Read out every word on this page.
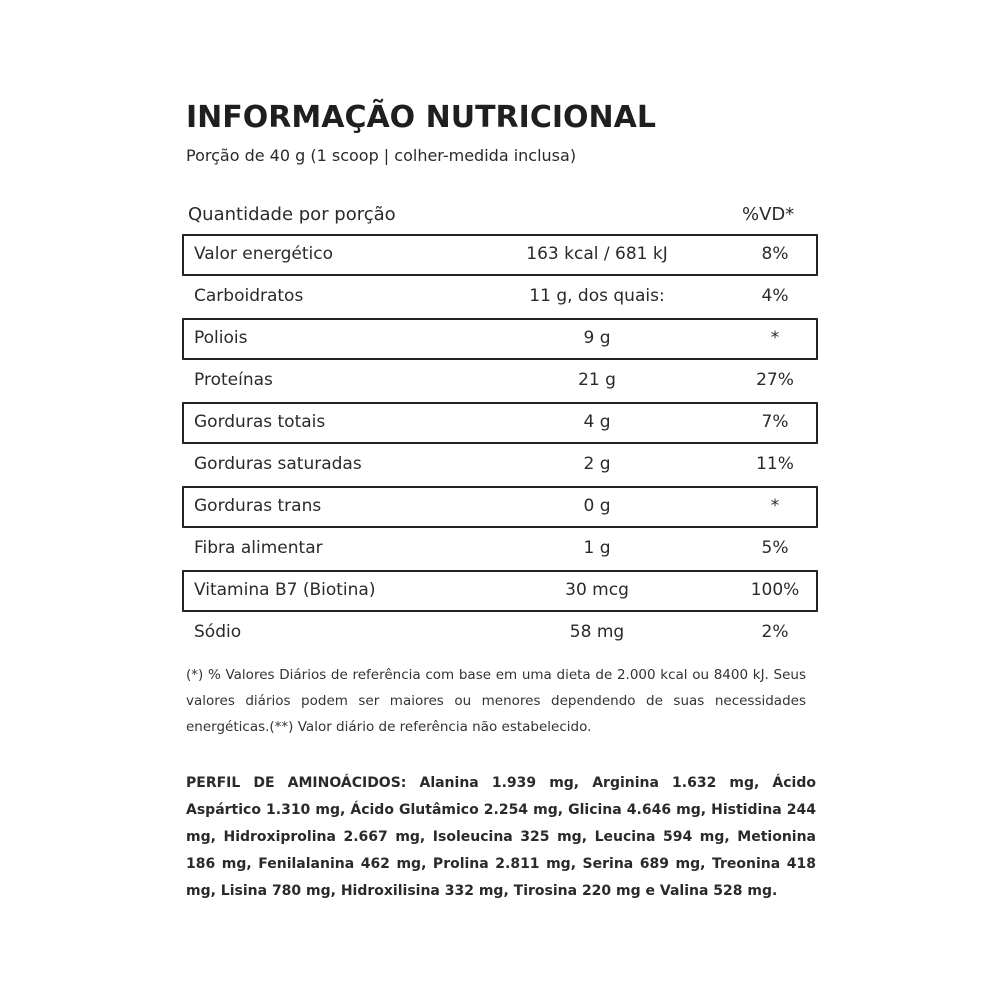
INFORMAÇÃO NUTRICIONAL
Porção de 40 g (1 scoop | colher-medida inclusa)
Quantidade por porção	%VD*
Valor energético	163 kcal / 681 kJ	8%
Carboidratos	11 g, dos quais:	4%
Poliois	9 g	*
Proteínas	21 g	27%
Gorduras totais	4 g	7%
Gorduras saturadas	2 g	11%
Gorduras trans	0 g	*
Fibra alimentar	1 g	5%
Vitamina B7 (Biotina)	30 mcg	100%
Sódio	58 mg	2%
(*) % Valores Diários de referência com base em uma dieta de 2.000 kcal ou 8400 kJ. Seus valores diários podem ser maiores ou menores dependendo de suas necessidades energéticas.(**) Valor diário de referência não estabelecido.
PERFIL DE AMINOÁCIDOS: Alanina 1.939 mg, Arginina 1.632 mg, Ácido Aspártico 1.310 mg, Ácido Glutâmico 2.254 mg, Glicina 4.646 mg, Histidina 244 mg, Hidroxiprolina 2.667 mg, Isoleucina 325 mg, Leucina 594 mg, Metionina 186 mg, Fenilalanina 462 mg, Prolina 2.811 mg, Serina 689 mg, Treonina 418 mg, Lisina 780 mg, Hidroxilisina 332 mg, Tirosina 220 mg e Valina 528 mg.
